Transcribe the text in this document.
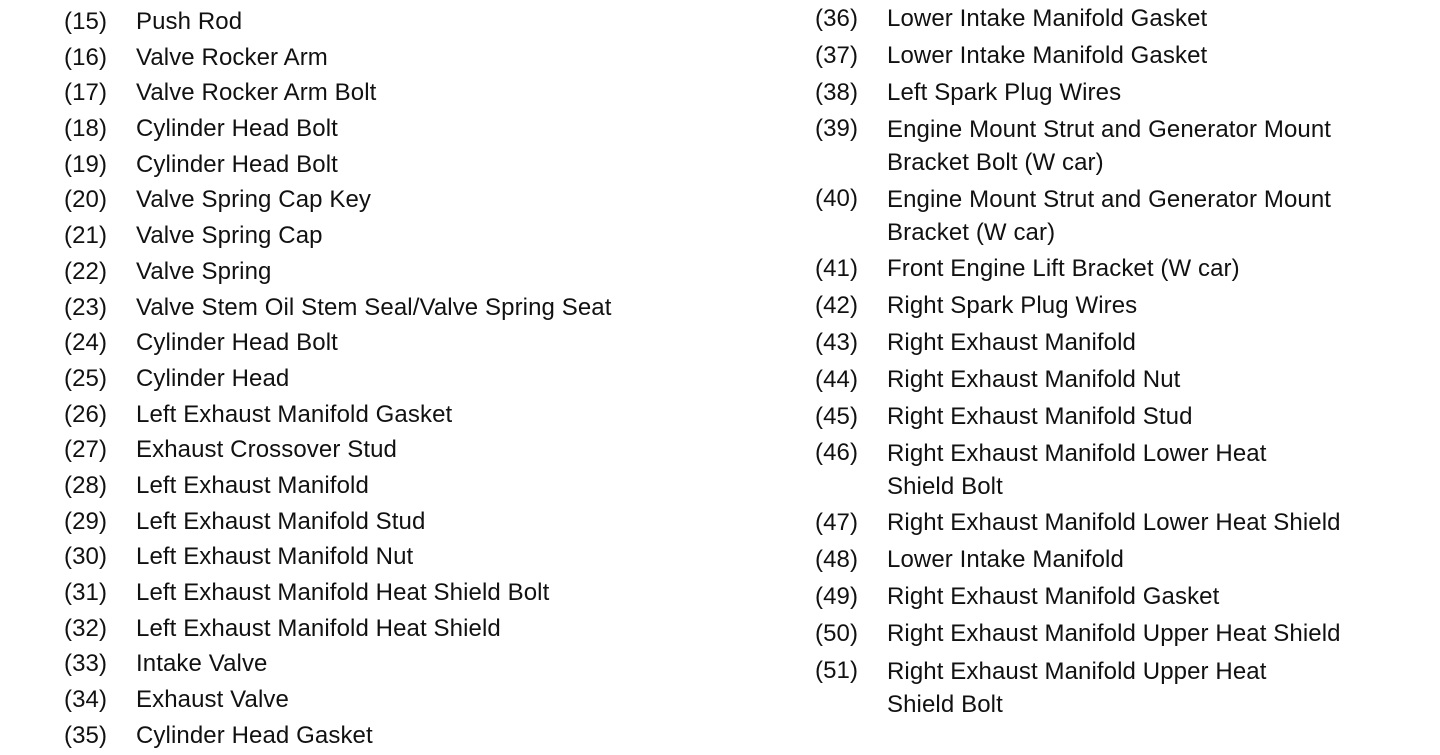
(15)	Push Rod
(16)	Valve Rocker Arm
(17)	Valve Rocker Arm Bolt
(18)	Cylinder Head Bolt
(19)	Cylinder Head Bolt
(20)	Valve Spring Cap Key
(21)	Valve Spring Cap
(22)	Valve Spring
(23)	Valve Stem Oil Stem Seal/Valve Spring Seat
(24)	Cylinder Head Bolt
(25)	Cylinder Head
(26)	Left Exhaust Manifold Gasket
(27)	Exhaust Crossover Stud
(28)	Left Exhaust Manifold
(29)	Left Exhaust Manifold Stud
(30)	Left Exhaust Manifold Nut
(31)	Left Exhaust Manifold Heat Shield Bolt
(32)	Left Exhaust Manifold Heat Shield
(33)	Intake Valve
(34)	Exhaust Valve
(35)	Cylinder Head Gasket
(36)	Lower Intake Manifold Gasket
(37)	Lower Intake Manifold Gasket
(38)	Left Spark Plug Wires
(39)	Engine Mount Strut and Generator Mount
Bracket Bolt (W car)
(40)	Engine Mount Strut and Generator Mount
Bracket (W car)
(41)	Front Engine Lift Bracket (W car)
(42)	Right Spark Plug Wires
(43)	Right Exhaust Manifold
(44)	Right Exhaust Manifold Nut
(45)	Right Exhaust Manifold Stud
(46)	Right Exhaust Manifold Lower Heat
Shield Bolt
(47)	Right Exhaust Manifold Lower Heat Shield
(48)	Lower Intake Manifold
(49)	Right Exhaust Manifold Gasket
(50)	Right Exhaust Manifold Upper Heat Shield
(51)	Right Exhaust Manifold Upper Heat
Shield Bolt
